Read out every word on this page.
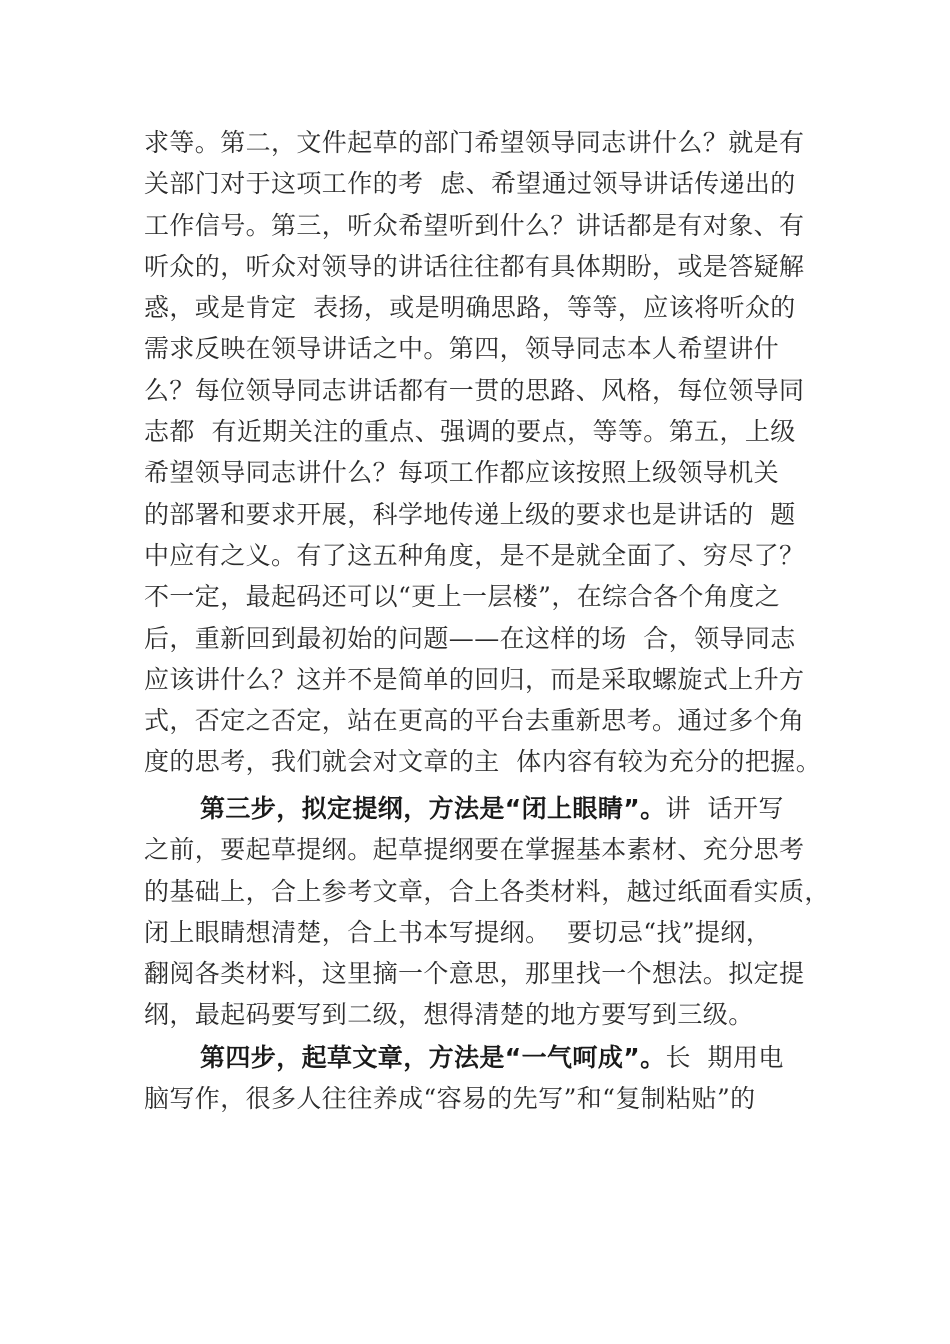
求等。第二，文件起草的部门希望领导同志讲什么？就是有
关部门对于这项工作的考  虑、希望通过领导讲话传递出的
工作信号。第三，听众希望听到什么？讲话都是有对象、有
听众的，听众对领导的讲话往往都有具体期盼，或是答疑解
惑，或是肯定  表扬，或是明确思路，等等，应该将听众的
需求反映在领导讲话之中。第四，领导同志本人希望讲什
么？每位领导同志讲话都有一贯的思路、风格，每位领导同
志都  有近期关注的重点、强调的要点，等等。第五，上级
希望领导同志讲什么？每项工作都应该按照上级领导机关
的部署和要求开展，科学地传递上级的要求也是讲话的  题
中应有之义。有了这五种角度，是不是就全面了、穷尽了？
不一定，最起码还可以“更上一层楼”，在综合各个角度之
后，重新回到最初始的问题——在这样的场  合，领导同志
应该讲什么？这并不是简单的回归，而是采取螺旋式上升方
式，否定之否定，站在更高的平台去重新思考。通过多个角
度的思考，我们就会对文章的主  体内容有较为充分的把握。
第三步，拟定提纲，方法是“闭上眼睛”。讲  话开写
之前，要起草提纲。起草提纲要在掌握基本素材、充分思考
的基础上，合上参考文章，合上各类材料，越过纸面看实质，
闭上眼睛想清楚，合上书本写提纲。  要切忌“找”提纲，
翻阅各类材料，这里摘一个意思，那里找一个想法。拟定提
纲，最起码要写到二级，想得清楚的地方要写到三级。
第四步，起草文章，方法是“一气呵成”。长  期用电
脑写作，很多人往往养成“容易的先写”和“复制粘贴”的
